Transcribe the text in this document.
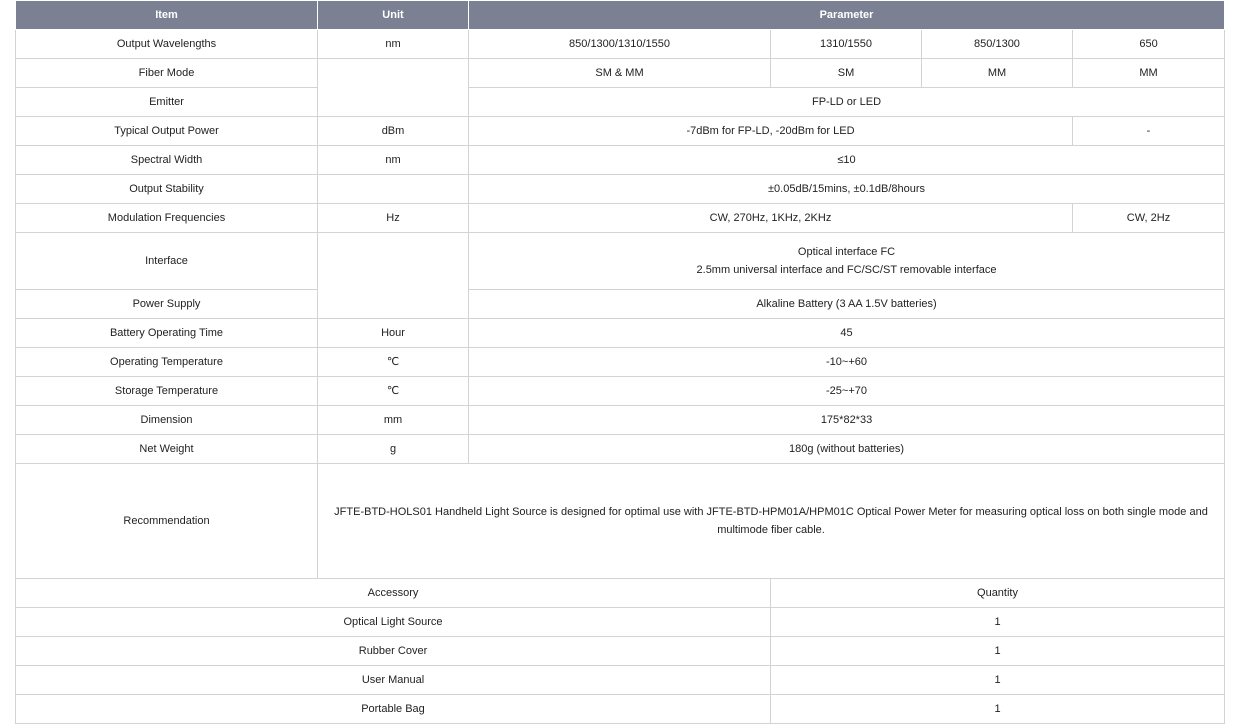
Item	Unit	Parameter			
Output Wavelengths	nm	850/1300/1310/1550	1310/1550	850/1300	650
Fiber Mode		SM & MM	SM	MM	MM
Emitter		FP-LD or LED			
Typical Output Power	dBm	-7dBm for FP-LD, -20dBm for LED			-
Spectral Width	nm	≤10			
Output Stability		±0.05dB/15mins, ±0.1dB/8hours			
Modulation Frequencies	Hz	CW, 270Hz, 1KHz, 2KHz			CW, 2Hz
Interface		Optical interface FC
2.5mm universal interface and FC/SC/ST removable interface			

Power Supply		Alkaline Battery (3 AA 1.5V batteries)			
Battery Operating Time	Hour	45			
Operating Temperature	℃	-10~+60			
Storage Temperature	℃	-25~+70			
Dimension	mm	175*82*33			
Net Weight	g	180g (without batteries)			
Recommendation	JFTE-BTD-HOLS01 Handheld Light Source is designed for optimal use with JFTE-BTD-HPM01A/HPM01C Optical Power Meter for measuring optical loss on both single mode and multimode fiber cable.				
Accessory			Quantity		
Optical Light Source			1		
Rubber Cover			1		
User Manual			1		
Portable Bag			1		
